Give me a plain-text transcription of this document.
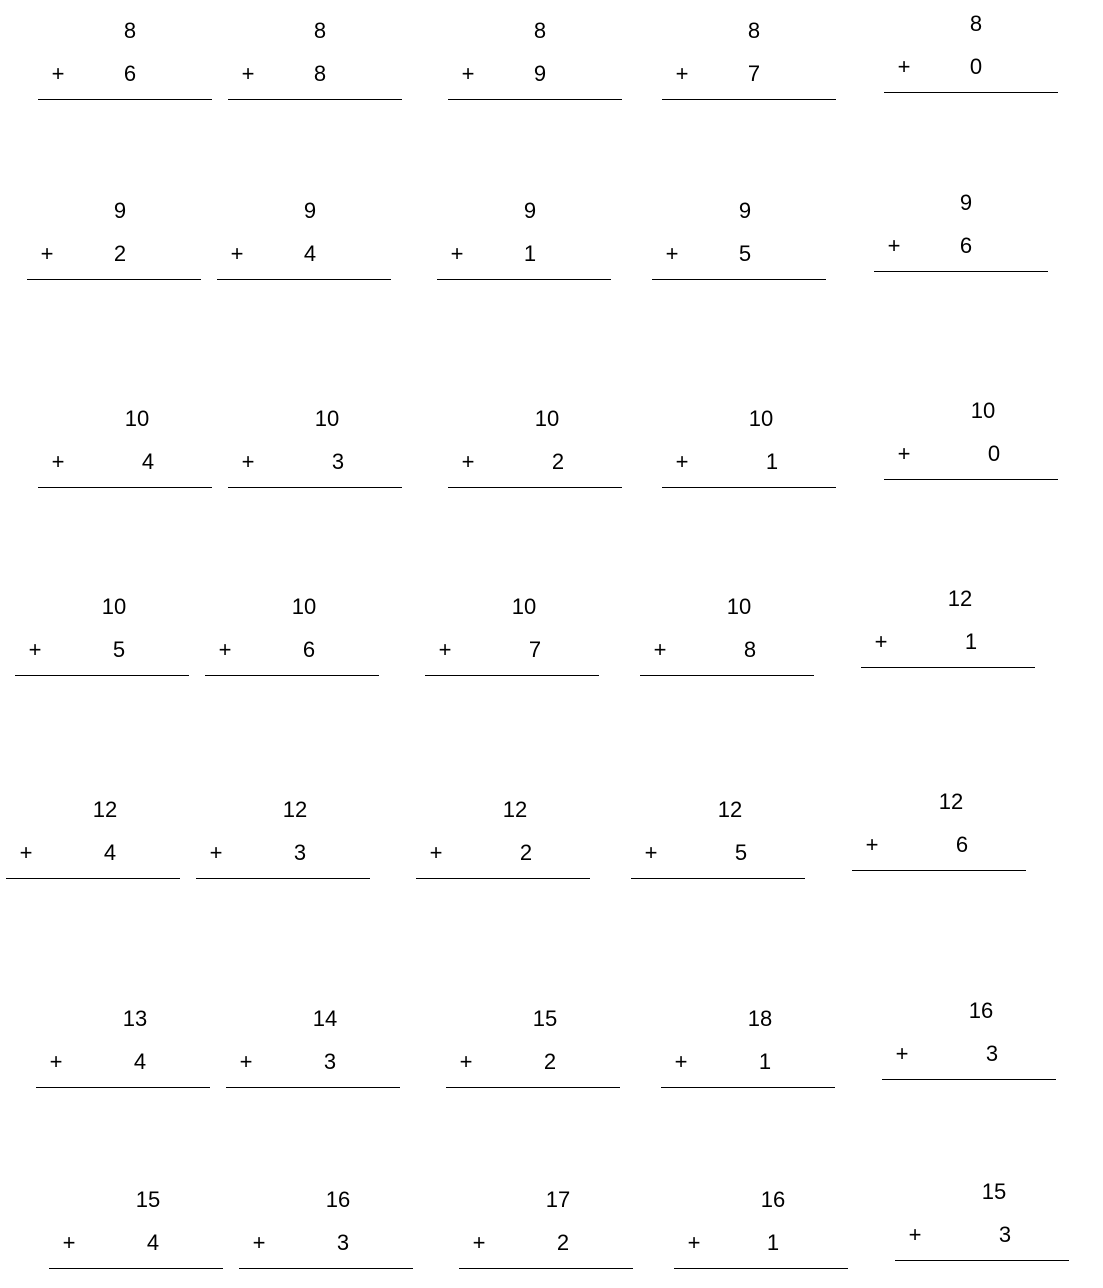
8
+	6
8
+	8
8
+	9
8
+	7
8
+	0
9
+	2
9
+	4
9
+	1
9
+	5
9
+	6
10
+	4
10
+	3
10
+	2
10
+	1
10
+	0
10
+	5
10
+	6
10
+	7
10
+	8
12
+	1
12
+	4
12
+	3
12
+	2
12
+	5
12
+	6
13
+	4
14
+	3
15
+	2
18
+	1
16
+	3
15
+	4
16
+	3
17
+	2
16
+	1
15
+	3
